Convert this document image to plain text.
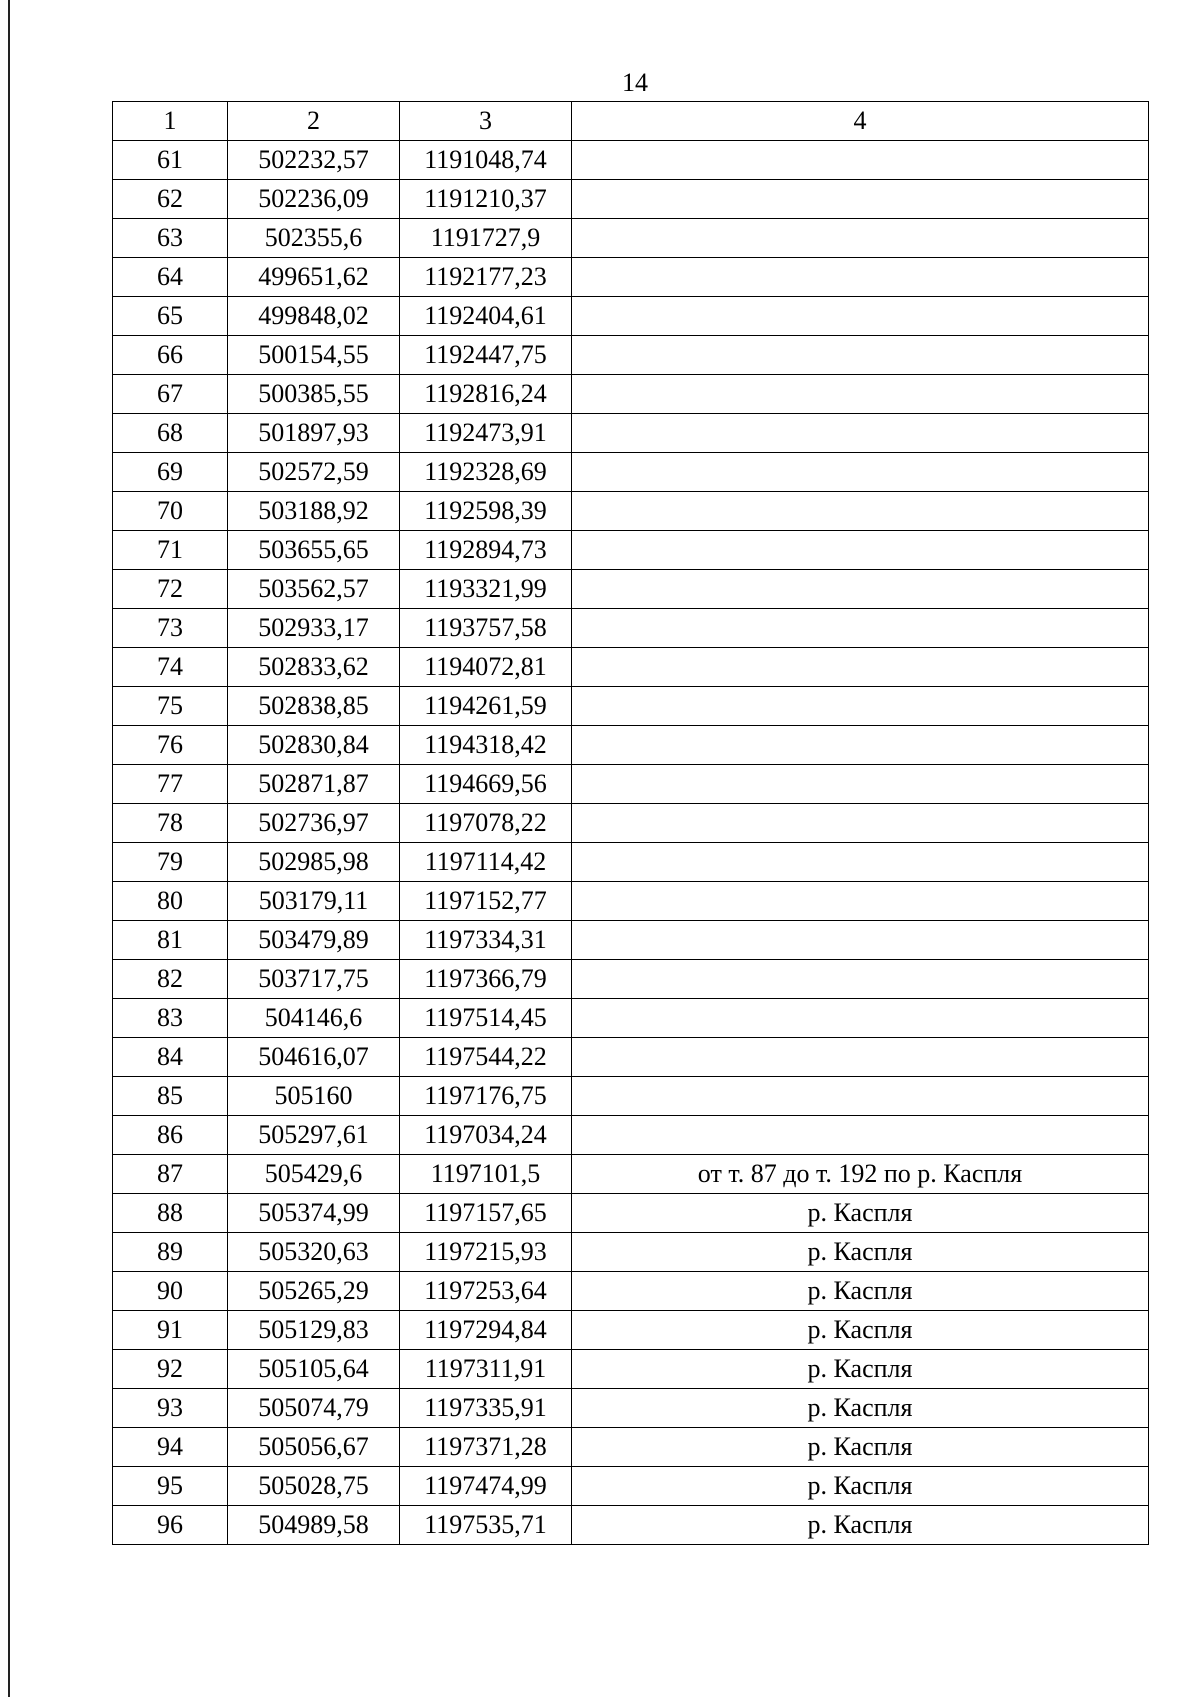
14
1	2	3	4
61	502232,57	1191048,74	
62	502236,09	1191210,37	
63	502355,6	1191727,9	
64	499651,62	1192177,23	
65	499848,02	1192404,61	
66	500154,55	1192447,75	
67	500385,55	1192816,24	
68	501897,93	1192473,91	
69	502572,59	1192328,69	
70	503188,92	1192598,39	
71	503655,65	1192894,73	
72	503562,57	1193321,99	
73	502933,17	1193757,58	
74	502833,62	1194072,81	
75	502838,85	1194261,59	
76	502830,84	1194318,42	
77	502871,87	1194669,56	
78	502736,97	1197078,22	
79	502985,98	1197114,42	
80	503179,11	1197152,77	
81	503479,89	1197334,31	
82	503717,75	1197366,79	
83	504146,6	1197514,45	
84	504616,07	1197544,22	
85	505160	1197176,75	
86	505297,61	1197034,24	
87	505429,6	1197101,5	от т. 87 до т. 192 по р. Каспля
88	505374,99	1197157,65	р. Каспля
89	505320,63	1197215,93	р. Каспля
90	505265,29	1197253,64	р. Каспля
91	505129,83	1197294,84	р. Каспля
92	505105,64	1197311,91	р. Каспля
93	505074,79	1197335,91	р. Каспля
94	505056,67	1197371,28	р. Каспля
95	505028,75	1197474,99	р. Каспля
96	504989,58	1197535,71	р. Каспля
